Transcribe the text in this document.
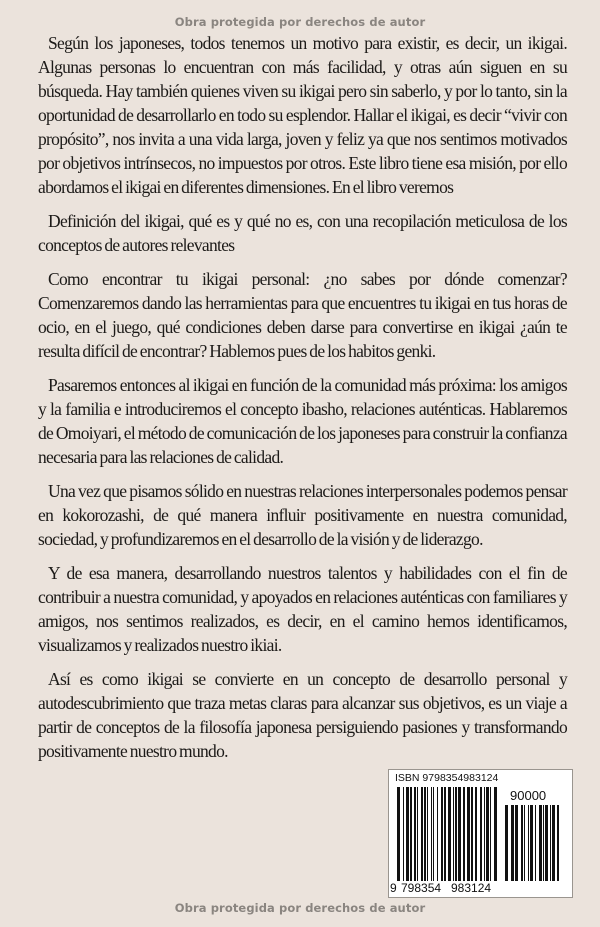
Obra protegida por derechos de autor

Según los japoneses, todos tenemos un motivo para existir, es decir, un ikigai. Algunas personas lo encuentran con más facilidad, y otras aún siguen en su búsqueda. Hay también quienes viven su ikigai pero sin saberlo, y por lo tanto, sin la oportunidad de desarrollarlo en todo su esplendor. Hallar el ikigai, es decir “vivir con propósito”, nos invita a una vida larga, joven y feliz ya que nos sentimos motivados por objetivos intrínsecos, no impuestos por otros. Este libro tiene esa misión, por ello abordamos el ikigai en diferentes dimensiones. En el libro veremos

Definición del ikigai, qué es y qué no es, con una recopilación meticulosa de los conceptos de autores relevantes

Como encontrar tu ikigai personal: ¿no sabes por dónde comenzar? Comenzaremos dando las herramientas para que encuentres tu ikigai en tus horas de ocio, en el juego, qué condiciones deben darse para convertirse en ikigai ¿aún te resulta difícil de encontrar? Hablemos pues de los habitos genki.

Pasaremos entonces al ikigai en función de la comunidad más próxima: los amigos y la familia e introduciremos el concepto ibasho, relaciones auténticas. Hablaremos de Omoiyari, el método de comunicación de los japoneses para construir la confianza necesaria para las relaciones de calidad.

Una vez que pisamos sólido en nuestras relaciones interpersonales podemos pensar en kokorozashi, de qué manera influir positivamente en nuestra comunidad, sociedad, y profundizaremos en el desarrollo de la visión y de liderazgo.

Y de esa manera, desarrollando nuestros talentos y habilidades con el fin de contribuir a nuestra comunidad, y apoyados en relaciones auténticas con familiares y amigos, nos sentimos realizados, es decir, en el camino hemos identificamos, visualizamos y realizados nuestro ikiai.

Así es como ikigai se convierte en un concepto de desarrollo personal y autodescubrimiento que traza metas claras para alcanzar sus objetivos, es un viaje a partir de conceptos de la filosofía japonesa persiguiendo pasiones y transformando positivamente nuestro mundo.

ISBN 9798354983124
90000
9 798354 983124
Obra protegida por derechos de autor
